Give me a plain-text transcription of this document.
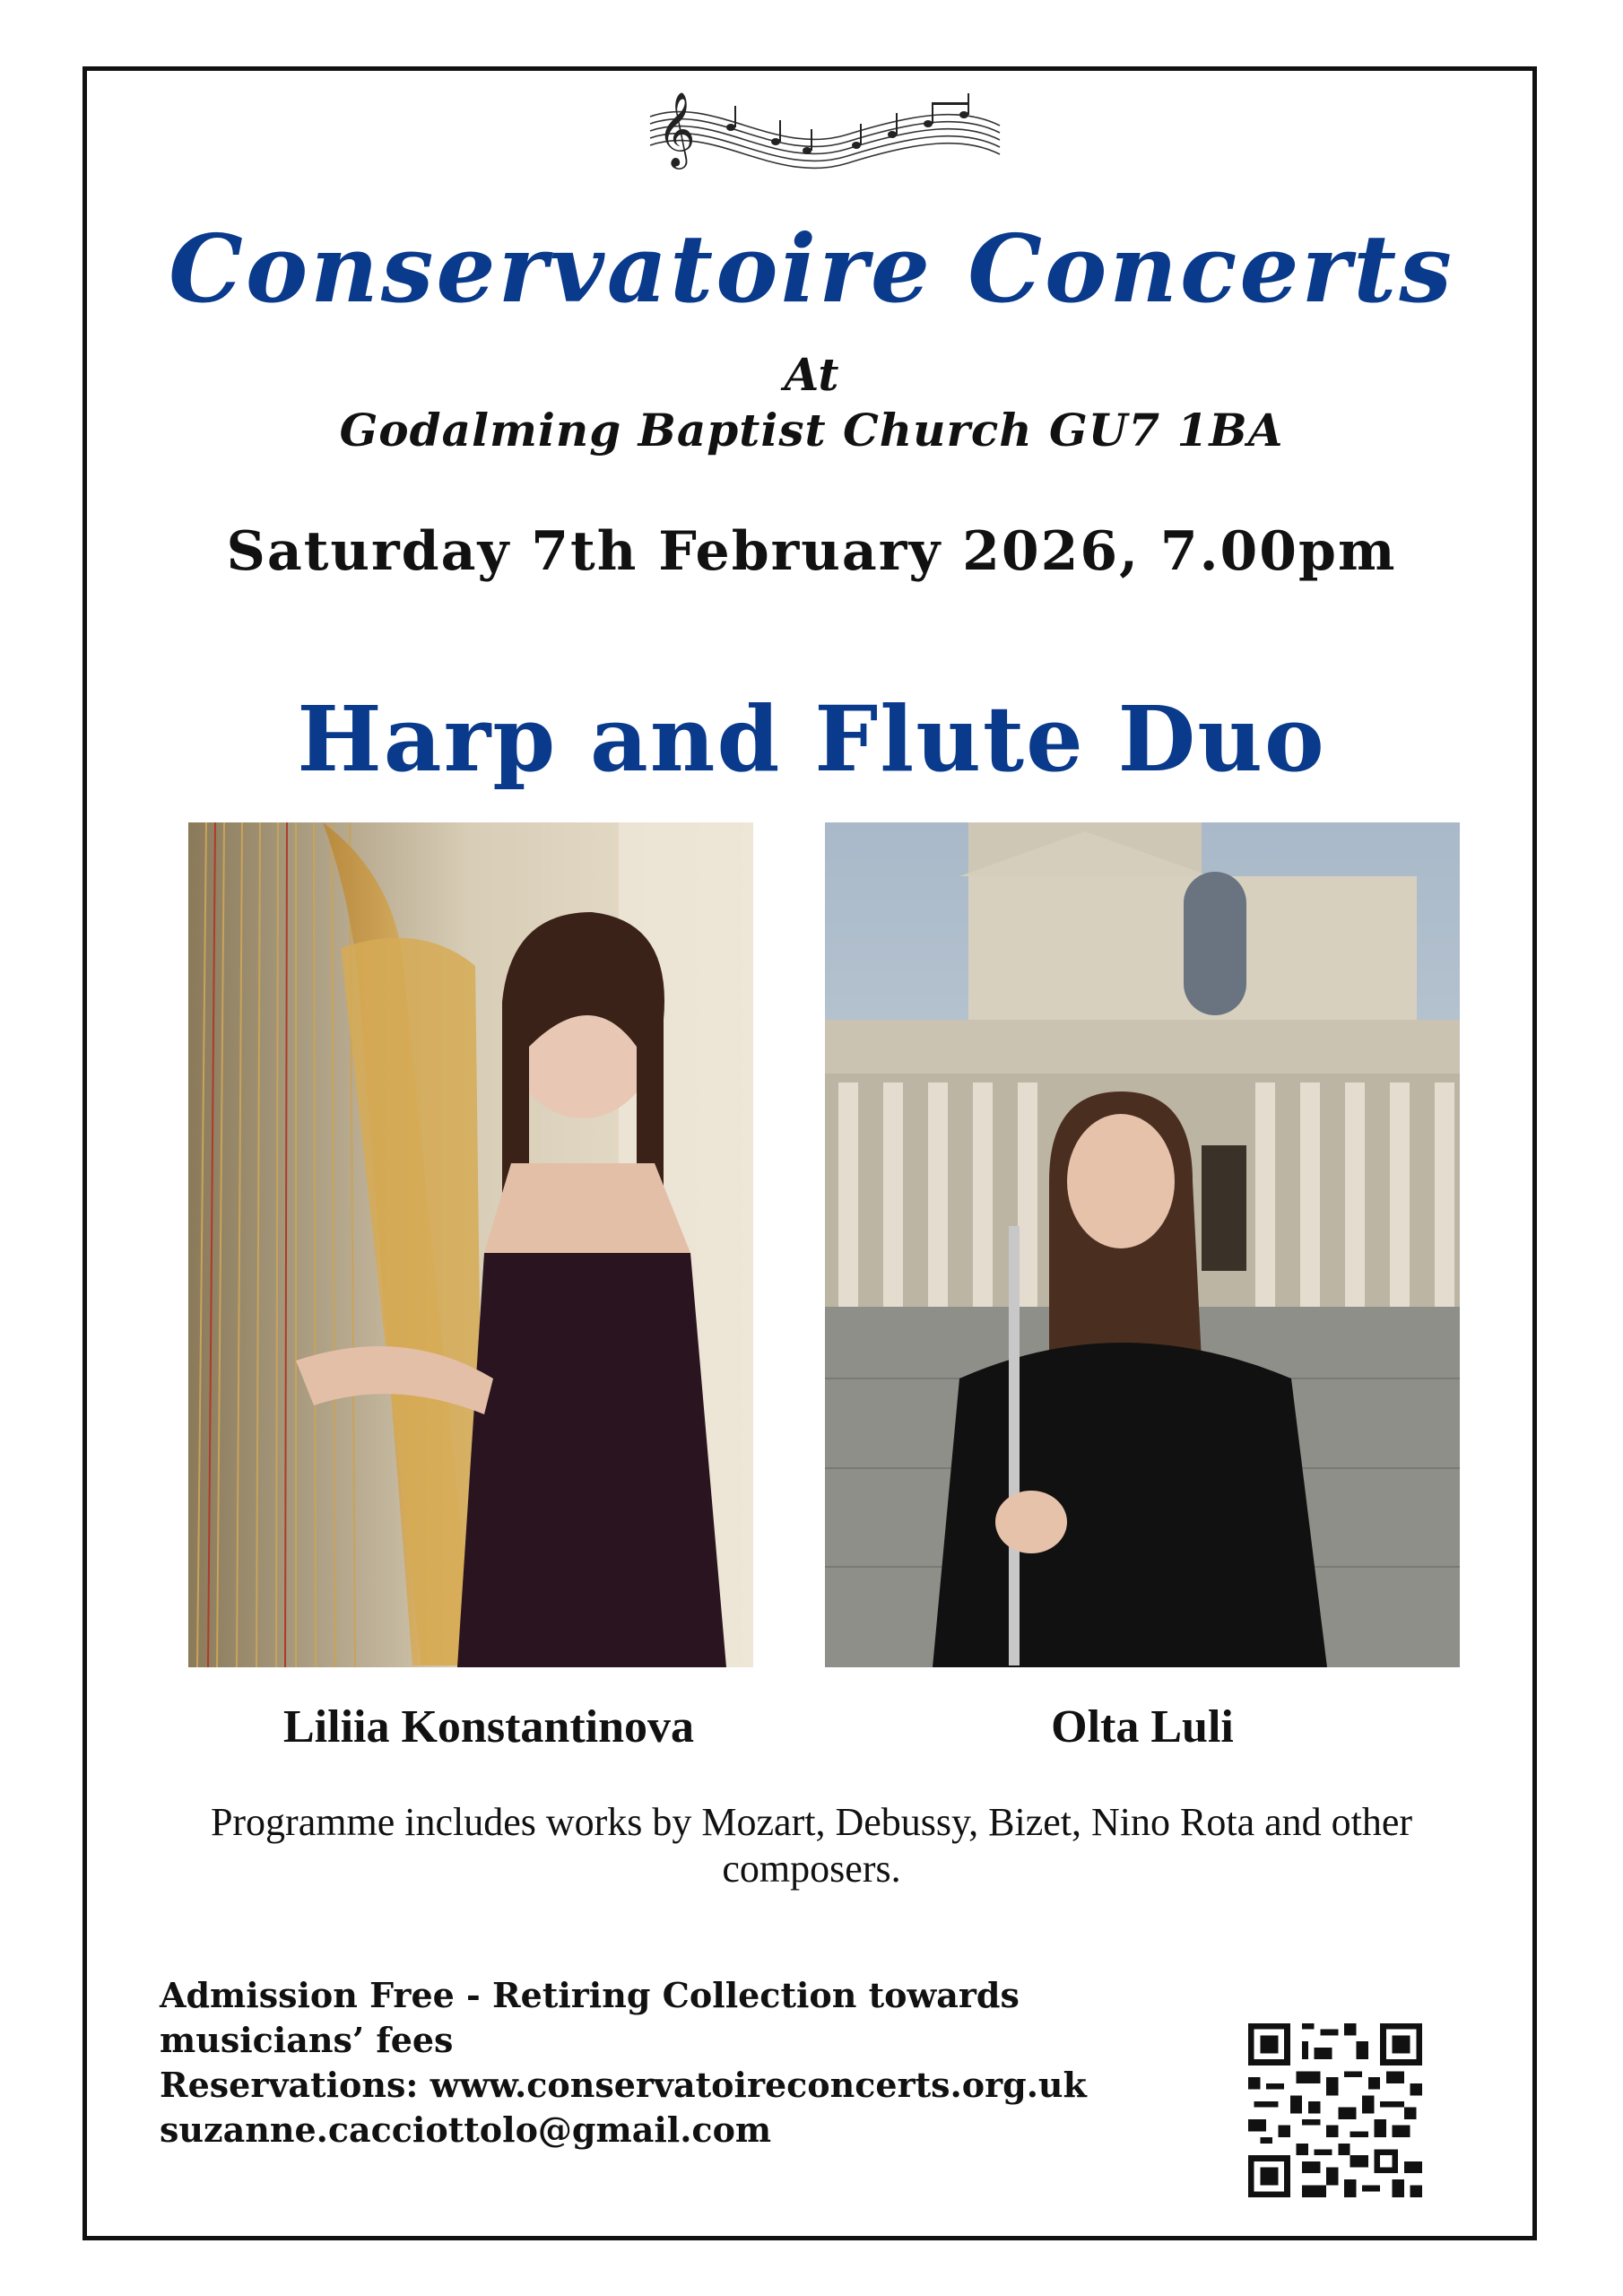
𝄞
Conservatoire Concerts
At
Godalming Baptist Church GU7 1BA
Saturday 7th February 2026, 7.00pm
Harp and Flute Duo
Liliia Konstantinova	Olta Luli
Programme includes works by Mozart, Debussy, Bizet, Nino Rota and other composers.
Admission Free - Retiring Collection towards
musicians’ fees
Reservations: www.conservatoireconcerts.org.uk
suzanne.cacciottolo@gmail.com
